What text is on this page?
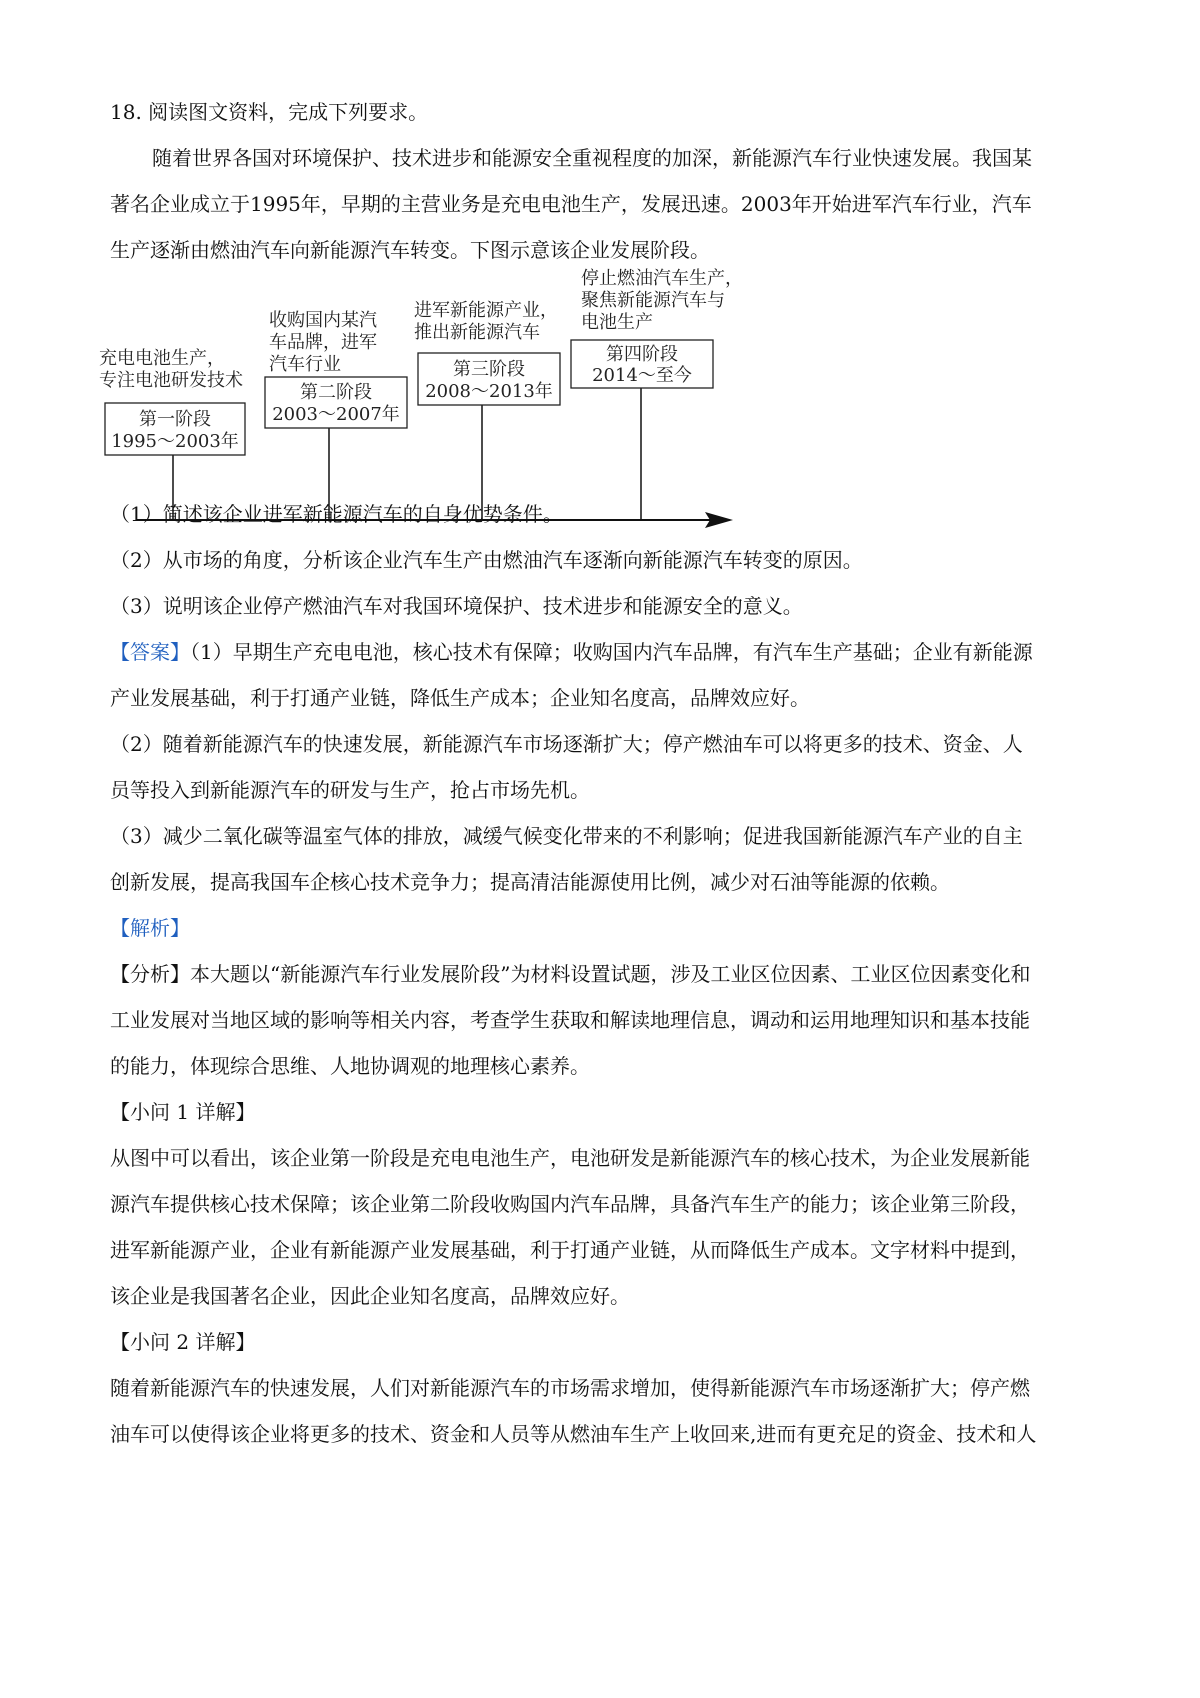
18. 阅读图文资料，完成下列要求。
随着世界各国对环境保护、技术进步和能源安全重视程度的加深，新能源汽车行业快速发展。我国某
著名企业成立于1995年，早期的主营业务是充电电池生产，发展迅速。2003年开始进军汽车行业，汽车
生产逐渐由燃油汽车向新能源汽车转变。下图示意该企业发展阶段。
充电电池生产，
专注电池研发技术
第一阶段
1995～2003年
收购国内某汽
车品牌，进军
汽车行业
第二阶段
2003～2007年
进军新能源产业，
推出新能源汽车
第三阶段
2008～2013年
停止燃油汽车生产，
聚焦新能源汽车与
电池生产
第四阶段
2014～至今
（1）简述该企业进军新能源汽车的自身优势条件。
（2）从市场的角度，分析该企业汽车生产由燃油汽车逐渐向新能源汽车转变的原因。
（3）说明该企业停产燃油汽车对我国环境保护、技术进步和能源安全的意义。
【答案】（1）早期生产充电电池，核心技术有保障；收购国内汽车品牌，有汽车生产基础；企业有新能源
产业发展基础，利于打通产业链，降低生产成本；企业知名度高，品牌效应好。
（2）随着新能源汽车的快速发展，新能源汽车市场逐渐扩大；停产燃油车可以将更多的技术、资金、人
员等投入到新能源汽车的研发与生产，抢占市场先机。
（3）减少二氧化碳等温室气体的排放，减缓气候变化带来的不利影响；促进我国新能源汽车产业的自主
创新发展，提高我国车企核心技术竞争力；提高清洁能源使用比例，减少对石油等能源的依赖。
【解析】
【分析】本大题以“新能源汽车行业发展阶段”为材料设置试题，涉及工业区位因素、工业区位因素变化和
工业发展对当地区域的影响等相关内容，考查学生获取和解读地理信息，调动和运用地理知识和基本技能
的能力，体现综合思维、人地协调观的地理核心素养。
【小问 1 详解】
从图中可以看出，该企业第一阶段是充电电池生产，电池研发是新能源汽车的核心技术，为企业发展新能
源汽车提供核心技术保障；该企业第二阶段收购国内汽车品牌，具备汽车生产的能力；该企业第三阶段，
进军新能源产业，企业有新能源产业发展基础，利于打通产业链，从而降低生产成本。文字材料中提到，
该企业是我国著名企业，因此企业知名度高，品牌效应好。
【小问 2 详解】
随着新能源汽车的快速发展，人们对新能源汽车的市场需求增加，使得新能源汽车市场逐渐扩大；停产燃
油车可以使得该企业将更多的技术、资金和人员等从燃油车生产上收回来,进而有更充足的资金、技术和人
